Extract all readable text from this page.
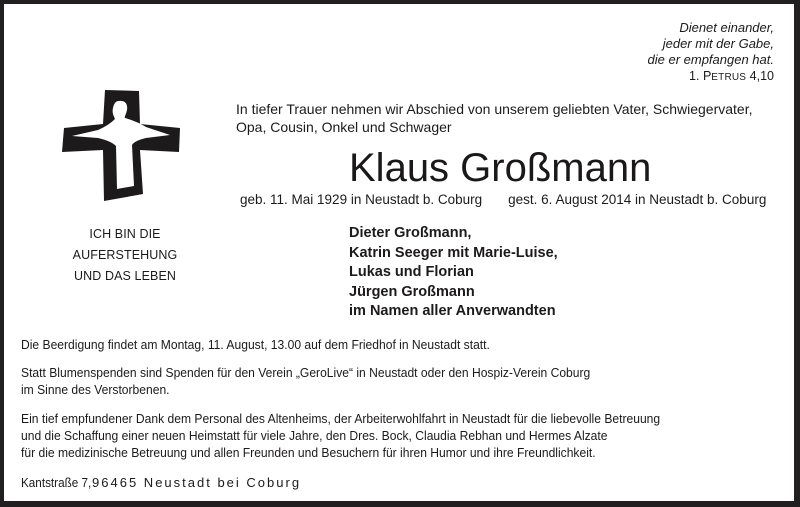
Dienet einander,
jeder mit der Gabe,
die er empfangen hat.
1. PETRUS 4,10
ICH BIN DIE
AUFERSTEHUNG
UND DAS LEBEN
In tiefer Trauer nehmen wir Abschied von unserem geliebten Vater, Schwiegervater,
Opa, Cousin, Onkel und Schwager
Klaus Großmann
geb. 11. Mai 1929 in Neustadt b. Coburg gest. 6. August 2014 in Neustadt b. Coburg
Dieter Großmann,
Katrin Seeger mit Marie-Luise,
Lukas und Florian
Jürgen Großmann
im Namen aller Anverwandten
Die Beerdigung findet am Montag, 11. August, 13.00 auf dem Friedhof in Neustadt statt.
Statt Blumenspenden sind Spenden für den Verein „GeroLive“ in Neustadt oder den Hospiz-Verein Coburg
im Sinne des Verstorbenen.
Ein tief empfundener Dank dem Personal des Altenheims, der Arbeiterwohlfahrt in Neustadt für die liebevolle Betreuung
und die Schaffung einer neuen Heimstatt für viele Jahre, den Dres. Bock, Claudia Rebhan und Hermes Alzate
für die medizinische Betreuung und allen Freunden und Besuchern für ihren Humor und ihre Freundlichkeit.
Kantstraße 7,96465 Neustadt bei Coburg
